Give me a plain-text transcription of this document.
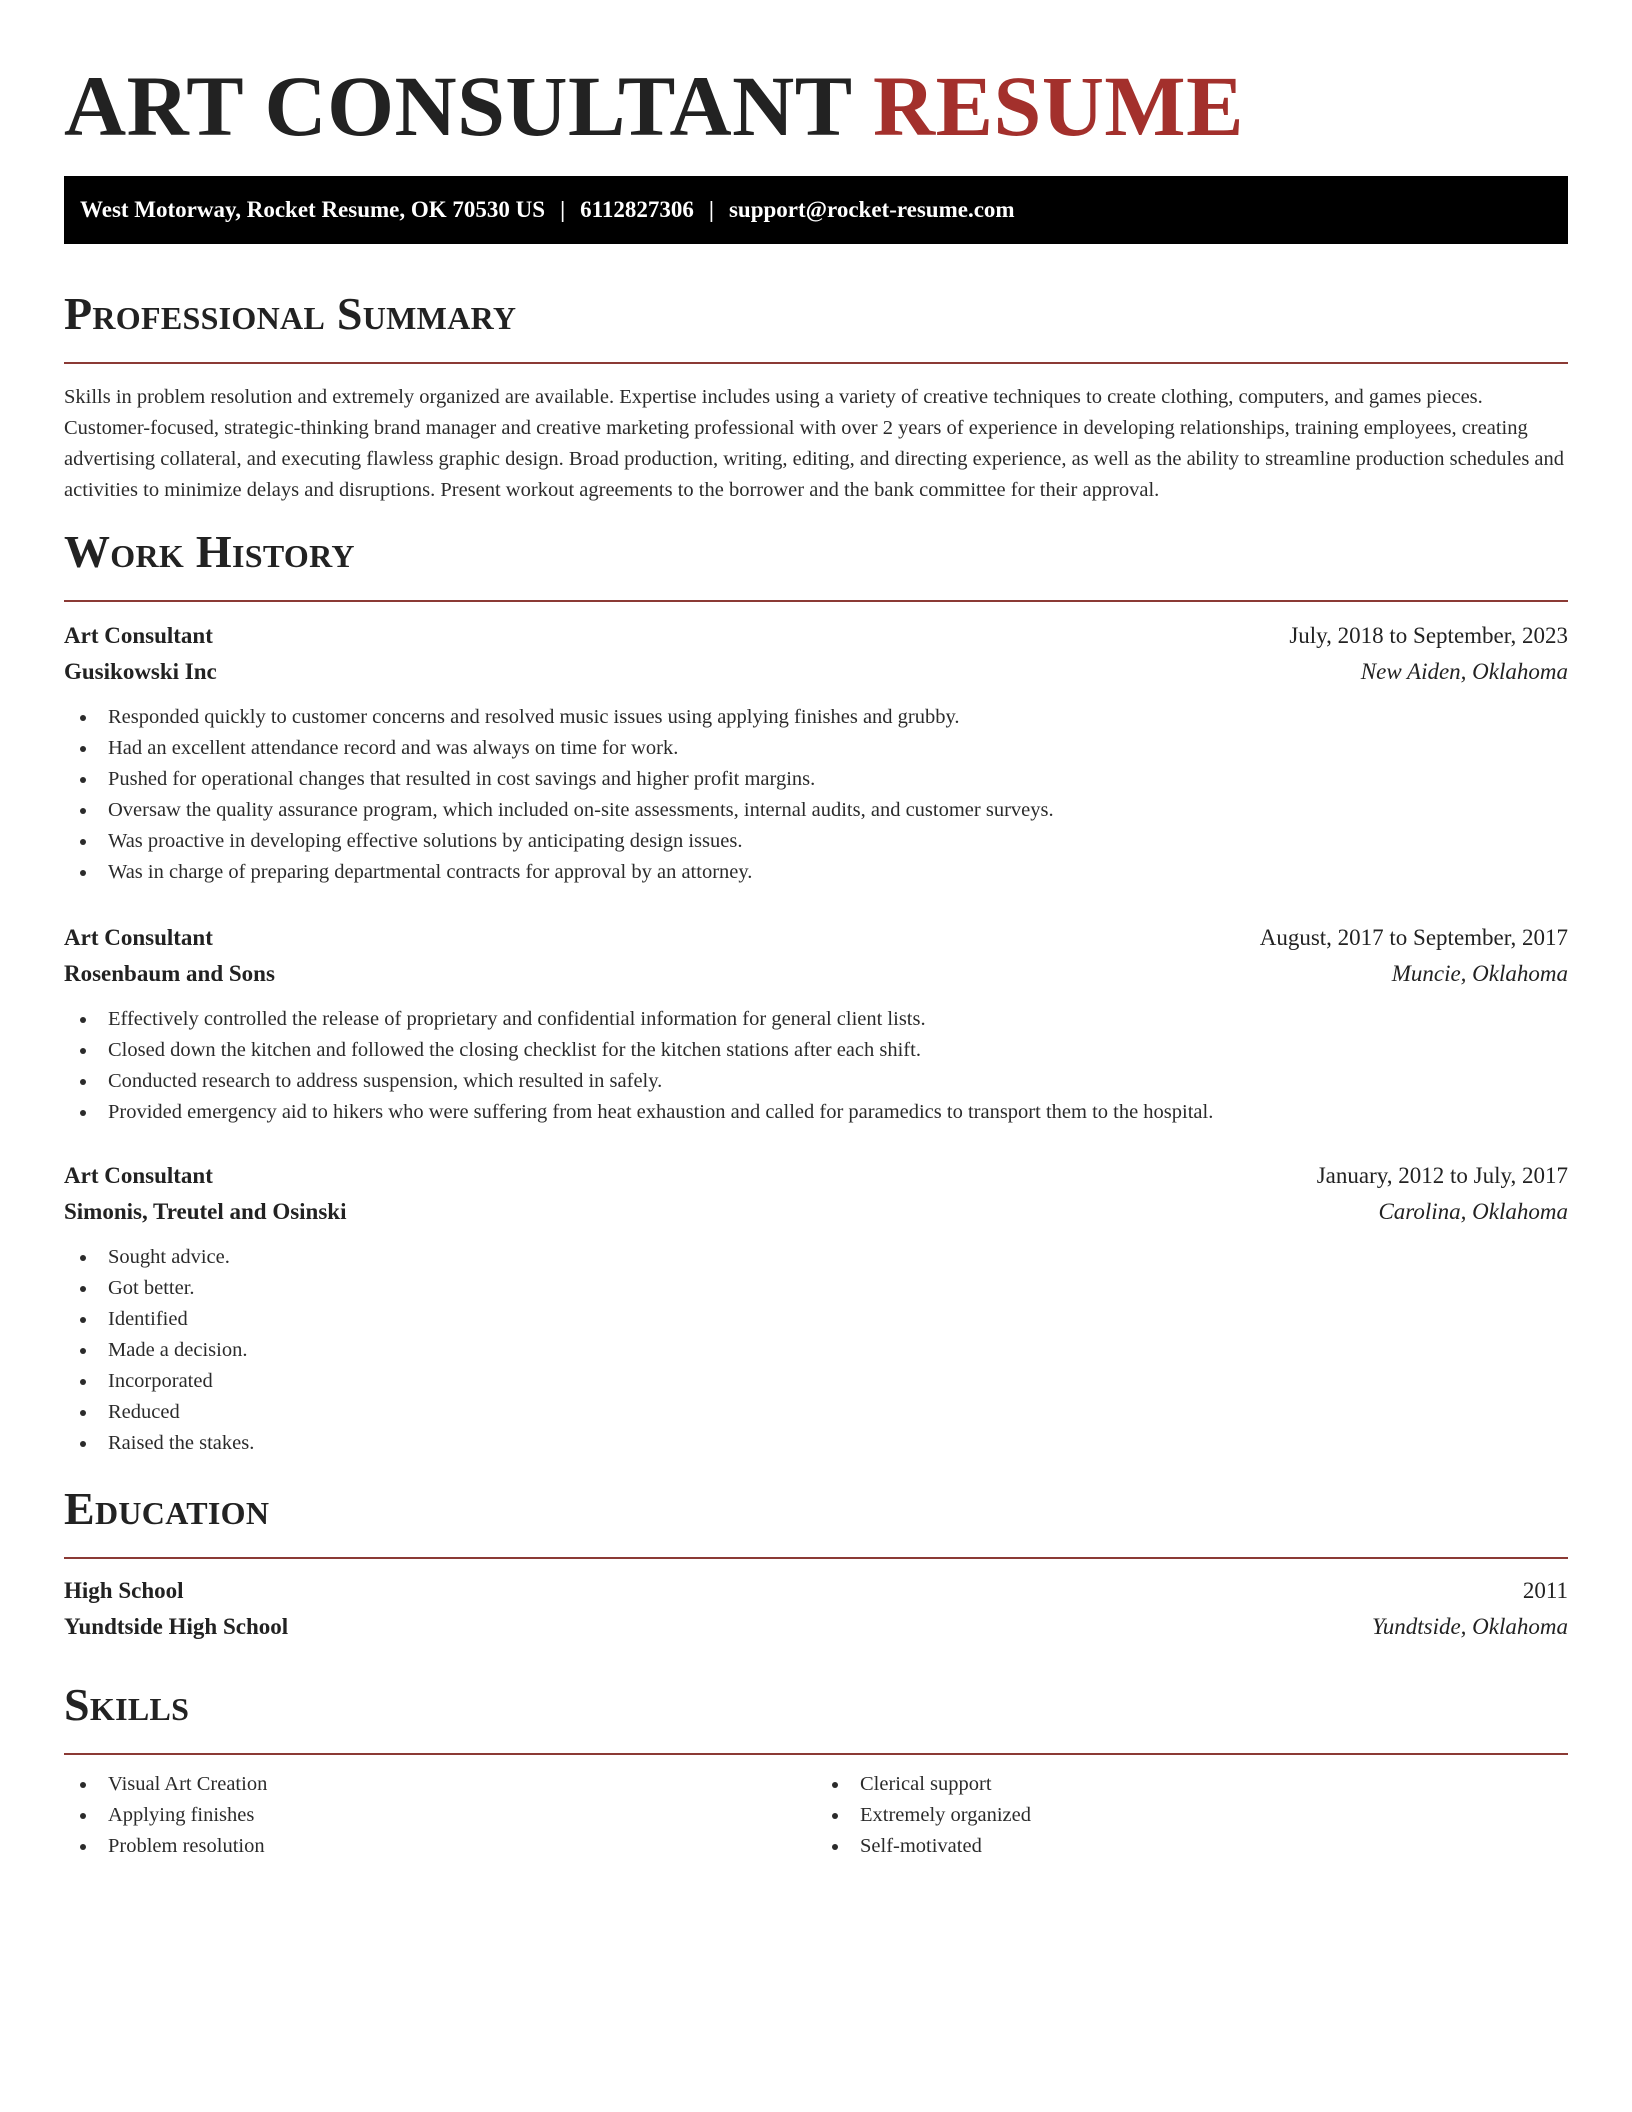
ART CONSULTANT RESUME
West Motorway, Rocket Resume, OK 70530 US | 6112827306 | support@rocket-resume.com
Professional Summary

Skills in problem resolution and extremely organized are available. Expertise includes using a variety of creative techniques to create clothing, computers, and games pieces. Customer-focused, strategic-thinking brand manager and creative marketing professional with over 2 years of experience in developing relationships, training employees, creating advertising collateral, and executing flawless graphic design. Broad production, writing, editing, and directing experience, as well as the ability to streamline production schedules and activities to minimize delays and disruptions. Present workout agreements to the borrower and the bank committee for their approval.

Work History
Art Consultant	July, 2018 to September, 2023
Gusikowski Inc	New Aiden, Oklahoma
Responded quickly to customer concerns and resolved music issues using applying finishes and grubby.
Had an excellent attendance record and was always on time for work.
Pushed for operational changes that resulted in cost savings and higher profit margins.
Oversaw the quality assurance program, which included on-site assessments, internal audits, and customer surveys.
Was proactive in developing effective solutions by anticipating design issues.
Was in charge of preparing departmental contracts for approval by an attorney.
Art Consultant	August, 2017 to September, 2017
Rosenbaum and Sons	Muncie, Oklahoma
Effectively controlled the release of proprietary and confidential information for general client lists.
Closed down the kitchen and followed the closing checklist for the kitchen stations after each shift.
Conducted research to address suspension, which resulted in safely.
Provided emergency aid to hikers who were suffering from heat exhaustion and called for paramedics to transport them to the hospital.
Art Consultant	January, 2012 to July, 2017
Simonis, Treutel and Osinski	Carolina, Oklahoma
Sought advice.
Got better.
Identified
Made a decision.
Incorporated
Reduced
Raised the stakes.
Education
High School	2011
Yundtside High School	Yundtside, Oklahoma
Skills
Visual Art Creation
Applying finishes
Problem resolution
Clerical support
Extremely organized
Self-motivated
